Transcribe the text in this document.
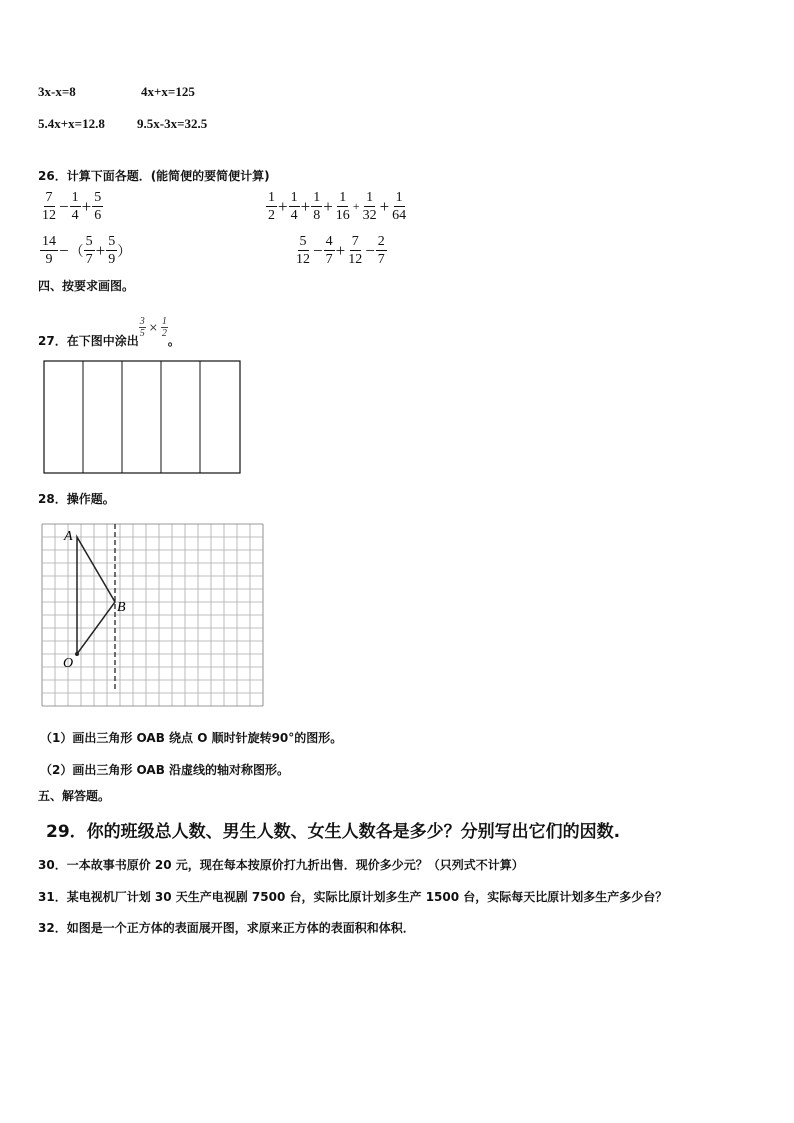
3x-x=8	4x+x=125
5.4x+x=12.8 9.5x-3x=32.5
26．计算下面各题．(能简便的要简便计算)
$\frac{7}{12} - \frac{1}{4} + \frac{5}{6}$	$\frac{1}{2} + \frac{1}{4} + \frac{1}{8} + \frac{1}{16} + \frac{1}{32} + \frac{1}{64}$
$\frac{14}{9}$ − （ $\frac{5}{7} + \frac{5}{9}$ ）	$\frac{5}{12} - \frac{4}{7} + \frac{7}{12} - \frac{2}{7}$
四、按要求画图。
27．在下图中涂出
$\frac{3}{5} \times \frac{1}{2}$
。
28．操作题。
A
B
O
（1）画出三角形 OAB 绕点 O 顺时针旋转90°的图形。
（2）画出三角形 OAB 沿虚线的轴对称图形。
五、解答题。
29．你的班级总人数、男生人数、女生人数各是多少？分别写出它们的因数.
30．一本故事书原价 20 元，现在每本按原价打九折出售．现价多少元？（只列式不计算）
31．某电视机厂计划 30 天生产电视剧 7500 台，实际比原计划多生产 1500 台，实际每天比原计划多生产多少台？
32．如图是一个正方体的表面展开图，求原来正方体的表面积和体积．
